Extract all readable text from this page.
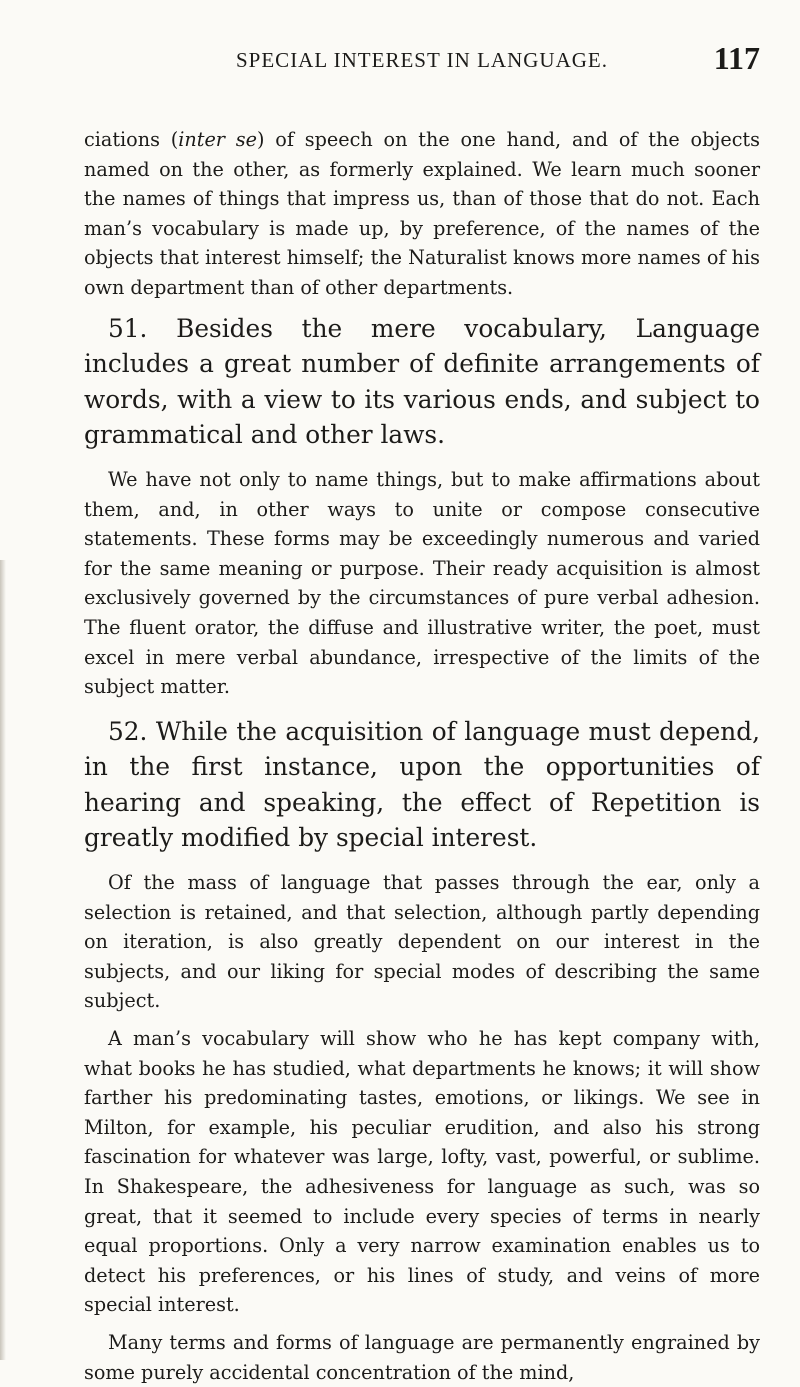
SPECIAL INTEREST IN LANGUAGE.	117

ciations (inter se) of speech on the one hand, and of the objects named on the other, as formerly explained. We learn much sooner the names of things that impress us, than of those that do not. Each man’s vocabulary is made up, by preference, of the names of the objects that interest himself; the Naturalist knows more names of his own department than of other departments.

51. Besides the mere vocabulary, Language includes a great number of definite arrangements of words, with a view to its various ends, and subject to grammatical and other laws.

We have not only to name things, but to make affirmations about them, and, in other ways to unite or compose consecutive statements. These forms may be exceedingly numerous and varied for the same meaning or purpose. Their ready acquisition is almost exclusively governed by the circumstances of pure verbal adhesion. The fluent orator, the diffuse and illustrative writer, the poet, must excel in mere verbal abundance, irrespective of the limits of the subject matter.

52. While the acquisition of language must depend, in the first instance, upon the opportunities of hearing and speaking, the effect of Repetition is greatly modified by special interest.

Of the mass of language that passes through the ear, only a selection is retained, and that selection, although partly depending on iteration, is also greatly dependent on our interest in the subjects, and our liking for special modes of describing the same subject.

A man’s vocabulary will show who he has kept company with, what books he has studied, what departments he knows; it will show farther his predominating tastes, emotions, or likings. We see in Milton, for example, his peculiar erudition, and also his strong fascination for whatever was large, lofty, vast, powerful, or sublime. In Shakespeare, the adhesiveness for language as such, was so great, that it seemed to include every species of terms in nearly equal proportions. Only a very narrow examination enables us to detect his preferences, or his lines of study, and veins of more special interest.

Many terms and forms of language are permanently engrained by some purely accidental concentration of the mind,
